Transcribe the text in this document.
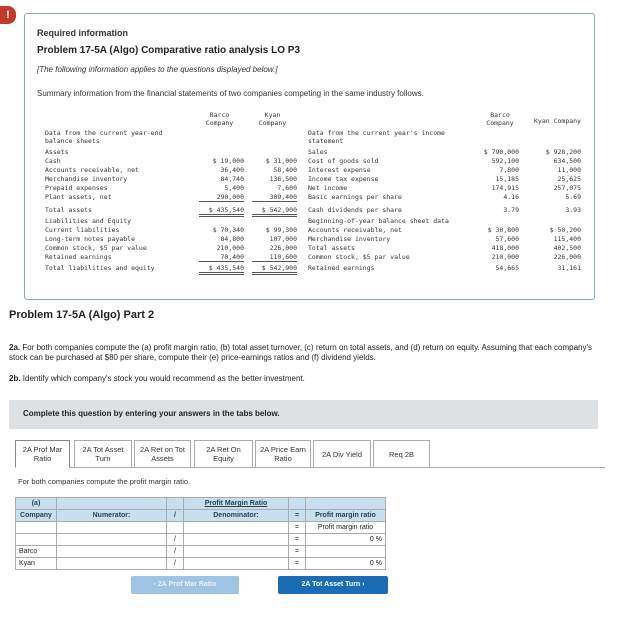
!
Required information
Problem 17-5A (Algo) Comparative ratio analysis LO P3
[The following information applies to the questions displayed below.]
Summary information from the financial statements of two companies competing in the same industry follows.
Barco
Company
Kyan
Company
Data from the current year-end
balance sheets
Assets
Cash	$ 19,000	$ 31,000
Accounts receivable, net	36,400	58,400
Merchandise inventory	84,740	136,500
Prepaid expenses	5,400	7,600
Plant assets, net	290,000	309,400
Total assets	$ 435,540	$ 542,900
Liabilities and Equity
Current liabilities	$ 70,340	$ 99,300
Long-term notes payable	84,800	107,000
Common stock, $5 par value	210,000	226,000
Retained earnings	70,400	110,600
Total liabilities and equity	$ 435,540	$ 542,900
Data from the current year's income
statement
Barco
Company	Kyan Company
Sales	$ 790,000	$ 928,200
Cost of goods sold	592,100	634,500
Interest expense	7,800	11,000
Income tax expense	15,185	25,625
Net income	174,915	257,075
Basic earnings per share	4.16	5.69
Cash dividends per share	3.79	3.93
Beginning-of-year balance sheet data
Accounts receivable, net	$ 30,800	$ 50,200
Merchandise inventory	57,600	115,400
Total assets	418,000	402,500
Common stock, $5 par value	210,000	226,000
Retained earnings	54,665	31,161
Problem 17-5A (Algo) Part 2
2a. For both companies compute the (a) profit margin ratio, (b) total asset turnover, (c) return on total assets, and (d) return on equity. Assuming that each company's stock can be purchased at $80 per share, compute their (e) price-earnings ratios and (f) dividend yields.
2b. Identify which company's stock you would recommend as the better investment.
Complete this question by entering your answers in the tabs below.
2A Prof Mar
Ratio
2A Tot Asset
Turn
2A Ret on Tot
Assets
2A Ret On
Equity
2A Price Earn
Ratio	2A Div Yield	Req 2B
For both companies compute the profit margin ratio.
(a)			Profit Margin Ratio		
Company	Numerator:	/	Denominator:	=	Profit margin ratio
				=	Profit margin ratio
		/		=	0 %
Barco		/		=	
Kyan		/		=	0 %
‹ 2A Prof Mar Ratio	2A Tot Asset Turn ›
